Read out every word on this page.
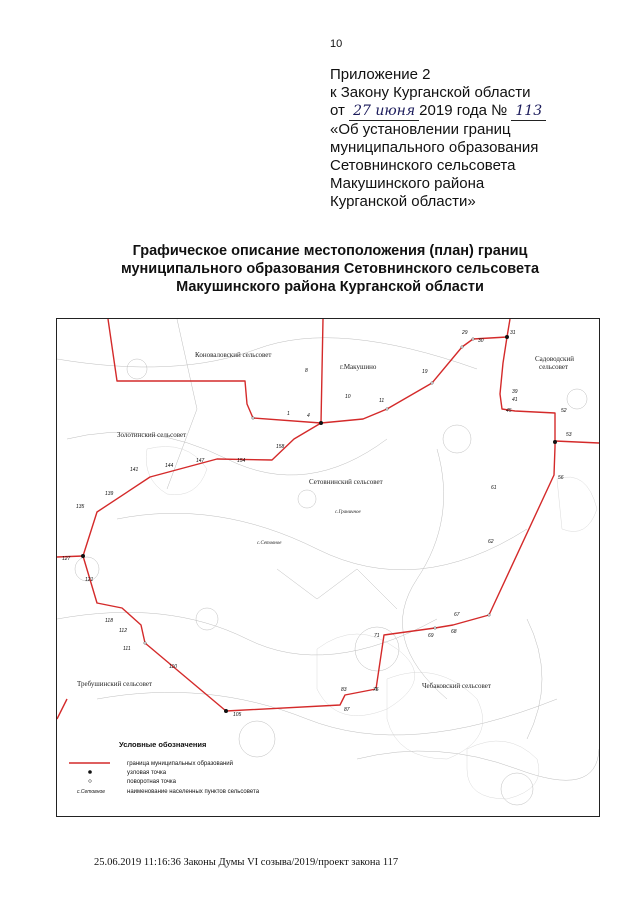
10
Приложение 2
к Закону Курганской области
от 27 июня 2019 года № 113
«Об установлении границ
муниципального образования
Сетовнинского сельсовета
Макушинского района
Курганской области»
Графическое описание местоположения (план) границ
муниципального образования Сетовнинского сельсовета
Макушинского района Курганской области
Коноваловский сельсовет
г.Макушино
Садоводский
сельсовет
Золотинский сельсовет
Сетовнинский сельсовет
с.Граничное
с.Сетовное
Чебаковский сельсовет
Требушинский сельсовет
29
30
31
19
8
10
11
1	4
39
41
45	52
53
56
158
154
147
144
141
139
135
127
121
61
62
67
68
69
71
118
112
111
110
83	76
87
105
Условные обозначения
граница муниципальных образований
узловая точка
поворотная точка
с.Сетовное	наименование населенных пунктов сельсовета
25.06.2019 11:16:36 Законы Думы VI созыва/2019/проект закона 117
